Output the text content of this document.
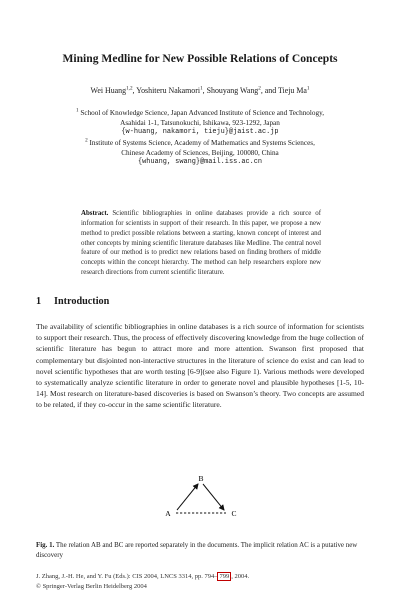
Mining Medline for New Possible Relations of Concepts
Wei Huang$^{1,2}$, Yoshiteru Nakamori$^1$, Shouyang Wang$^2$, and Tieju Ma$^1$
$^1$ School of Knowledge Science, Japan Advanced Institute of Science and Technology,
Asahidai 1-1, Tatsunokuchi, Ishikawa, 923-1292, Japan
{w-huang, nakamori, tieju}@jaist.ac.jp
$^2$ Institute of Systems Science, Academy of Mathematics and Systems Sciences,
Chinese Academy of Sciences, Beijing, 100080, China
{whuang, swang}@mail.iss.ac.cn
Abstract. Scientific bibliographies in online databases provide a rich source of information for scientists in support of their research. In this paper, we propose a new method to predict possible relations between a starting, known concept of interest and other concepts by mining scientific literature databases like Medline. The central novel feature of our method is to predict new relations based on finding brothers of middle concepts within the concept hierarchy. The method can help researchers explore new research directions from current scientific literature.
1 Introduction
The availability of scientific bibliographies in online databases is a rich source of information for scientists to support their research. Thus, the process of effectively discovering knowledge from the huge collection of scientific literature has begun to attract more and more attention. Swanson first proposed that complementary but disjointed non-interactive structures in the literature of science do exist and can lead to novel scientific hypotheses that are worth testing [6-9](see also Figure 1). Various methods were developed to systematically analyze scientific literature in order to generate novel and plausible hypotheses [1-5, 10-14]. Most research on literature-based discoveries is based on Swanson’s theory. Two concepts are assumed to be related, if they co-occur in the same scientific literature.
B
A	C
Fig. 1. The relation AB and BC are reported separately in the documents. The implicit relation AC is a putative new discovery
J. Zhang, J.-H. He, and Y. Fu (Eds.): CIS 2004, LNCS 3314, pp. 794– 799 , 2004.
© Springer-Verlag Berlin Heidelberg 2004
